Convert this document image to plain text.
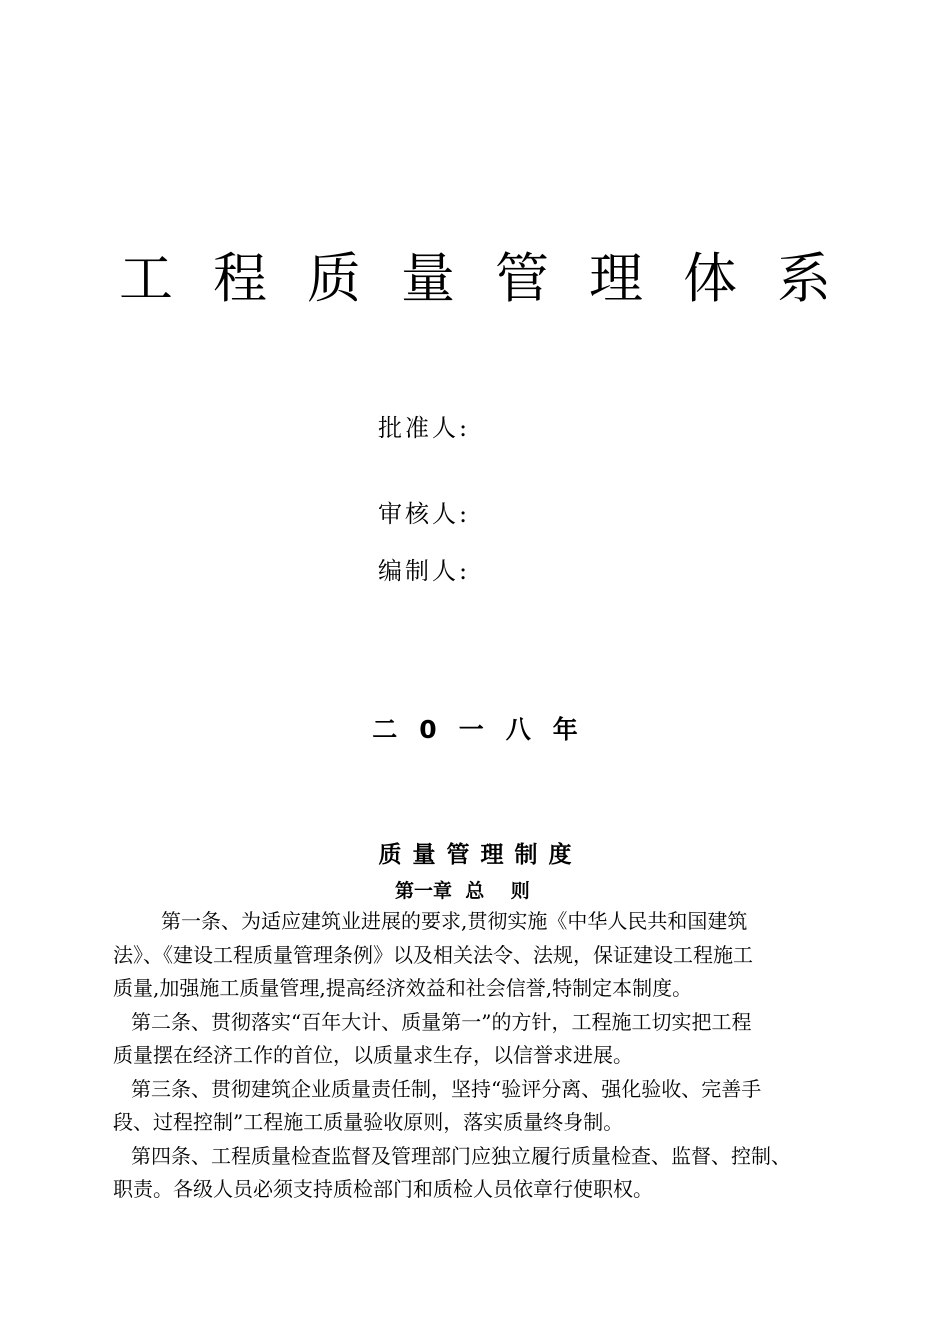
工程质量管理体系
批准人:
审核人:
编制人:
二0一八年
质量管理制度
第一章  总    则
第一条、为适应建筑业进展的要求,贯彻实施《中华人民共和国建筑
法》、《建设工程质量管理条例》以及相关法令、法规，保证建设工程施工
质量,加强施工质量管理,提高经济效益和社会信誉,特制定本制度。
第二条、贯彻落实“百年大计、质量第一”的方针，工程施工切实把工程
质量摆在经济工作的首位，以质量求生存，以信誉求进展。
第三条、贯彻建筑企业质量责任制，坚持“验评分离、强化验收、完善手
段、过程控制”工程施工质量验收原则，落实质量终身制。
第四条、工程质量检查监督及管理部门应独立履行质量检查、监督、控制、
职责。各级人员必须支持质检部门和质检人员依章行使职权。
